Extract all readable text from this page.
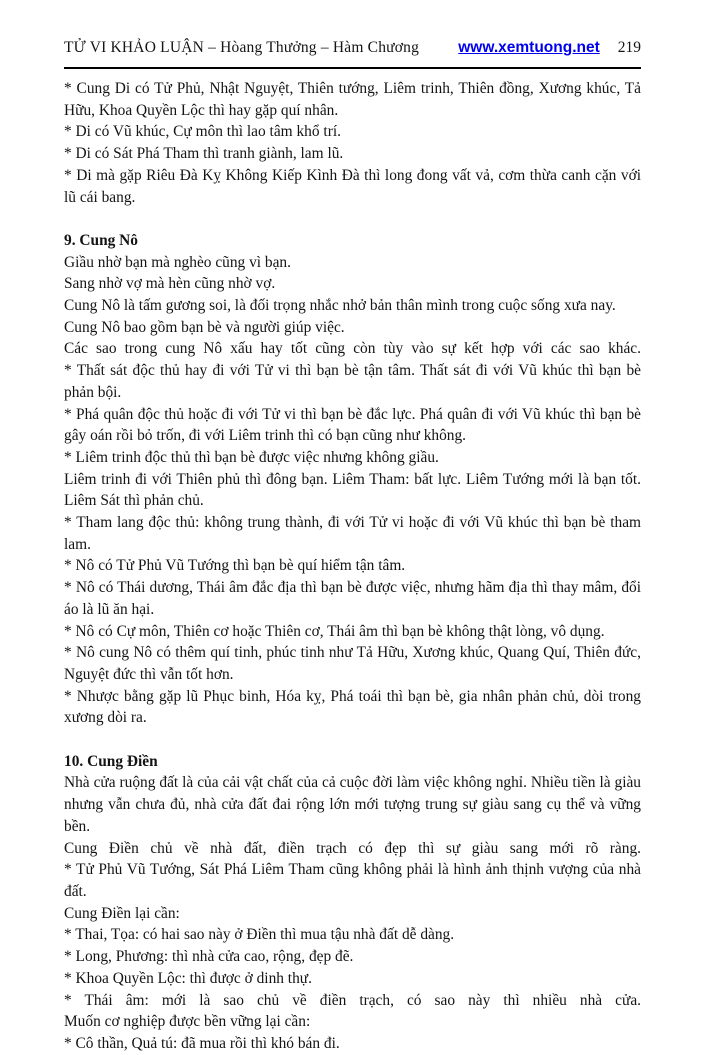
TỬ VI KHẢO LUẬN – Hòang Thưởng – Hàm Chương	www.xemtuong.net 219

* Cung Di có Tử Phủ, Nhật Nguyệt, Thiên tướng, Liêm trinh, Thiên đồng, Xương khúc, Tả Hữu, Khoa Quyền Lộc thì hay gặp quí nhân.

* Di có Vũ khúc, Cự môn thì lao tâm khổ trí.

* Di có Sát Phá Tham thì tranh giành, lam lũ.

* Di mà gặp Riêu Đà Kỵ Không Kiếp Kình Đà thì long đong vất vả, cơm thừa canh cặn với lũ cái bang.

9. Cung Nô

Giầu nhờ bạn mà nghèo cũng vì bạn.

Sang nhờ vợ mà hèn cũng nhờ vợ.

Cung Nô là tấm gương soi, là đối trọng nhắc nhở bản thân mình trong cuộc sống xưa nay.

Cung Nô bao gồm bạn bè và người giúp việc.

Các sao trong cung Nô xấu hay tốt cũng còn tùy vào sự kết hợp với các sao khác.

* Thất sát độc thủ hay đi với Tử vi thì bạn bè tận tâm. Thất sát đi với Vũ khúc thì bạn bè phản bội.

* Phá quân độc thủ hoặc đi với Tử vi thì bạn bè đắc lực. Phá quân đi với Vũ khúc thì bạn bè gây oán rồi bỏ trốn, đi với Liêm trinh thì có bạn cũng như không.

* Liêm trinh độc thủ thì bạn bè được việc nhưng không giầu.

Liêm trinh đi với Thiên phủ thì đông bạn. Liêm Tham: bất lực. Liêm Tướng mới là bạn tốt. Liêm Sát thì phản chủ.

* Tham lang độc thủ: không trung thành, đi với Tử vi hoặc đi với Vũ khúc thì bạn bè tham lam.

* Nô có Tử Phủ Vũ Tướng thì bạn bè quí hiểm tận tâm.

* Nô có Thái dương, Thái âm đắc địa thì bạn bè được việc, nhưng hãm địa thì thay mâm, đổi áo là lũ ăn hại.

* Nô có Cự môn, Thiên cơ hoặc Thiên cơ, Thái âm thì bạn bè không thật lòng, vô dụng.

* Nô cung Nô có thêm quí tinh, phúc tinh như Tả Hữu, Xương khúc, Quang Quí, Thiên đức, Nguyệt đức thì vẫn tốt hơn.

* Nhược bằng gặp lũ Phục binh, Hóa kỵ, Phá toái thì bạn bè, gia nhân phản chủ, dòi trong xương dòi ra.

10. Cung Điền

Nhà cửa ruộng đất là của cải vật chất của cả cuộc đời làm việc không nghỉ. Nhiều tiền là giàu nhưng vẫn chưa đủ, nhà cửa đất đai rộng lớn mới tượng trung sự giàu sang cụ thể và vững bền.

Cung Điền chủ về nhà đất, điền trạch có đẹp thì sự giàu sang mới rõ ràng.

* Tử Phủ Vũ Tướng, Sát Phá Liêm Tham cũng không phải là hình ảnh thịnh vượng của nhà đất.

Cung Điền lại cần:

* Thai, Tọa: có hai sao này ở Điền thì mua tậu nhà đất dễ dàng.

* Long, Phương: thì nhà cửa cao, rộng, đẹp đẽ.

* Khoa Quyền Lộc: thì được ở dinh thự.

* Thái âm: mới là sao chủ về điền trạch, có sao này thì nhiều nhà cửa.

Muốn cơ nghiệp được bền vững lại cần:

* Cô thần, Quả tú: đã mua rồi thì khó bán đi.
